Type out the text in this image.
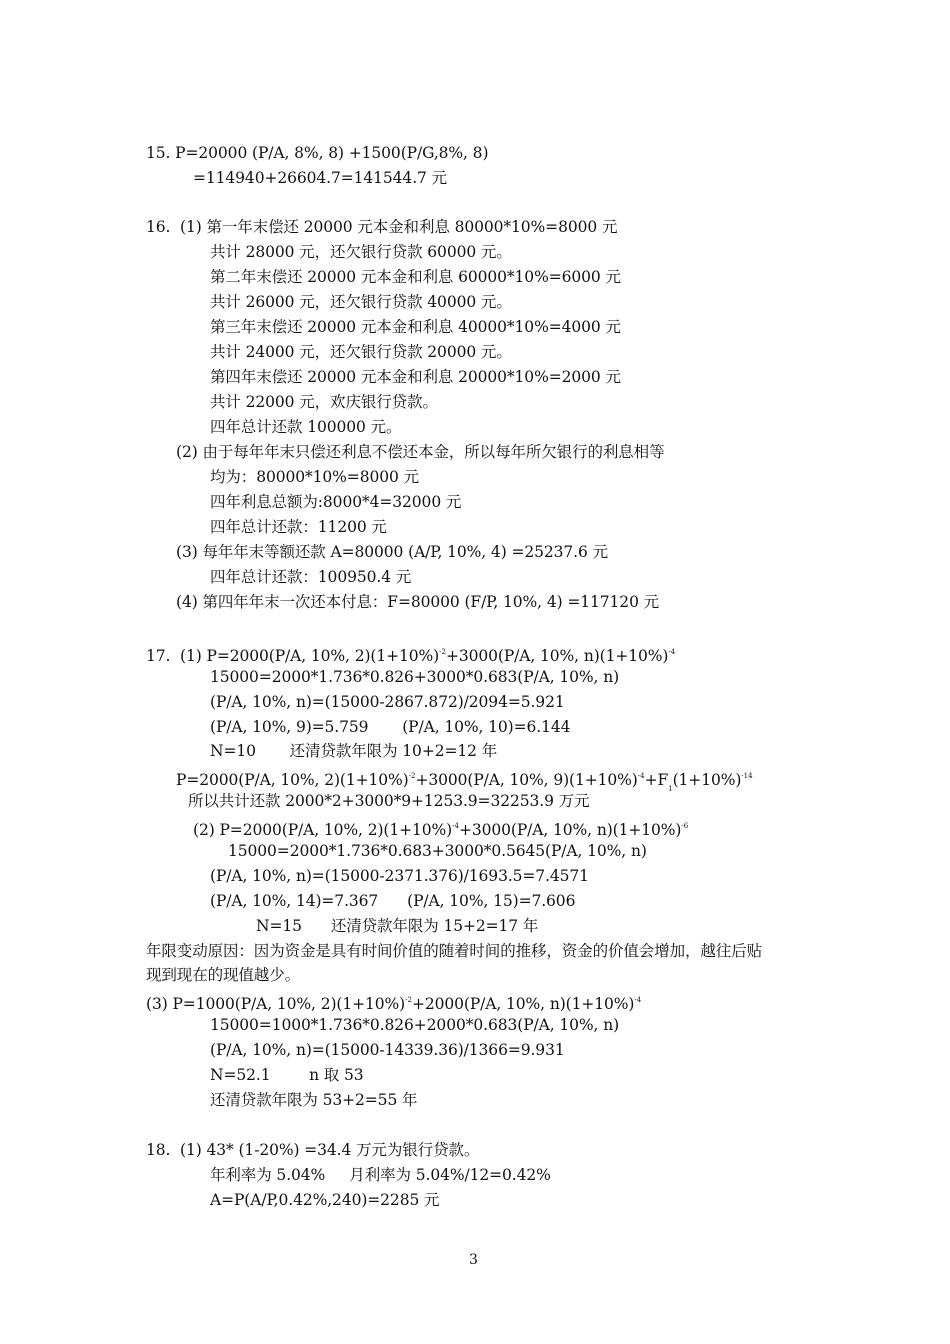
15. P=20000 (P/A, 8%, 8) +1500(P/G,8%, 8)
=114940+26604.7=141544.7 元
16.  (1) 第一年末偿还 20000 元本金和利息 80000*10%=8000 元
共计 28000 元，还欠银行贷款 60000 元。
第二年末偿还 20000 元本金和利息 60000*10%=6000 元
共计 26000 元，还欠银行贷款 40000 元。
第三年末偿还 20000 元本金和利息 40000*10%=4000 元
共计 24000 元，还欠银行贷款 20000 元。
第四年末偿还 20000 元本金和利息 20000*10%=2000 元
共计 22000 元，欢庆银行贷款。
四年总计还款 100000 元。
(2) 由于每年年末只偿还利息不偿还本金，所以每年所欠银行的利息相等
均为：80000*10%=8000 元
四年利息总额为:8000*4=32000 元
四年总计还款：11200 元
(3) 每年年末等额还款 A=80000 (A/P, 10%, 4) =25237.6 元
四年总计还款：100950.4 元
(4) 第四年年末一次还本付息：F=80000 (F/P, 10%, 4) =117120 元
17.  (1) P=2000(P/A, 10%, $2)(1+10\%)^{-2}+3000(P/A$, 10%, $n)(1+10\%)^{-4}$
15000=2000*1.736*0.826+3000*0.683(P/A, 10%, n)
(P/A, 10%, n)=(15000-2867.872)/2094=5.921
(P/A, 10%, 9)=5.759       (P/A, 10%, 10)=6.144
N=10       还清贷款年限为 10+2=12 年
P=2000(P/A, 10%, $2)(1+10\%)^{-2}+3000(P/A$, 10%, $9)(1+10\%)^{-4}+F_1(1+10\%)^{-14}$
所以共计还款 2000*2+3000*9+1253.9=32253.9 万元
(2) P=2000(P/A, 10%, $2)(1+10\%)^{-4}+3000(P/A$, 10%, $n)(1+10\%)^{-6}$
15000=2000*1.736*0.683+3000*0.5645(P/A, 10%, n)
(P/A, 10%, n)=(15000-2371.376)/1693.5=7.4571
(P/A, 10%, 14)=7.367      (P/A, 10%, 15)=7.606
N=15      还清贷款年限为 15+2=17 年
年限变动原因：因为资金是具有时间价值的随着时间的推移，资金的价值会增加，越往后贴
现到现在的现值越少。
(3) P=1000(P/A, 10%, $2)(1+10\%)^{-2}+2000(P/A$, 10%, $n)(1+10\%)^{-4}$
15000=1000*1.736*0.826+2000*0.683(P/A, 10%, n)
(P/A, 10%, n)=(15000-14339.36)/1366=9.931
N=52.1        n 取 53
还清贷款年限为 53+2=55 年
18.  (1) 43* (1-20%) =34.4 万元为银行贷款。
年利率为 5.04%     月利率为 5.04%/12=0.42%
A=P(A/P,0.42%,240)=2285 元
3
